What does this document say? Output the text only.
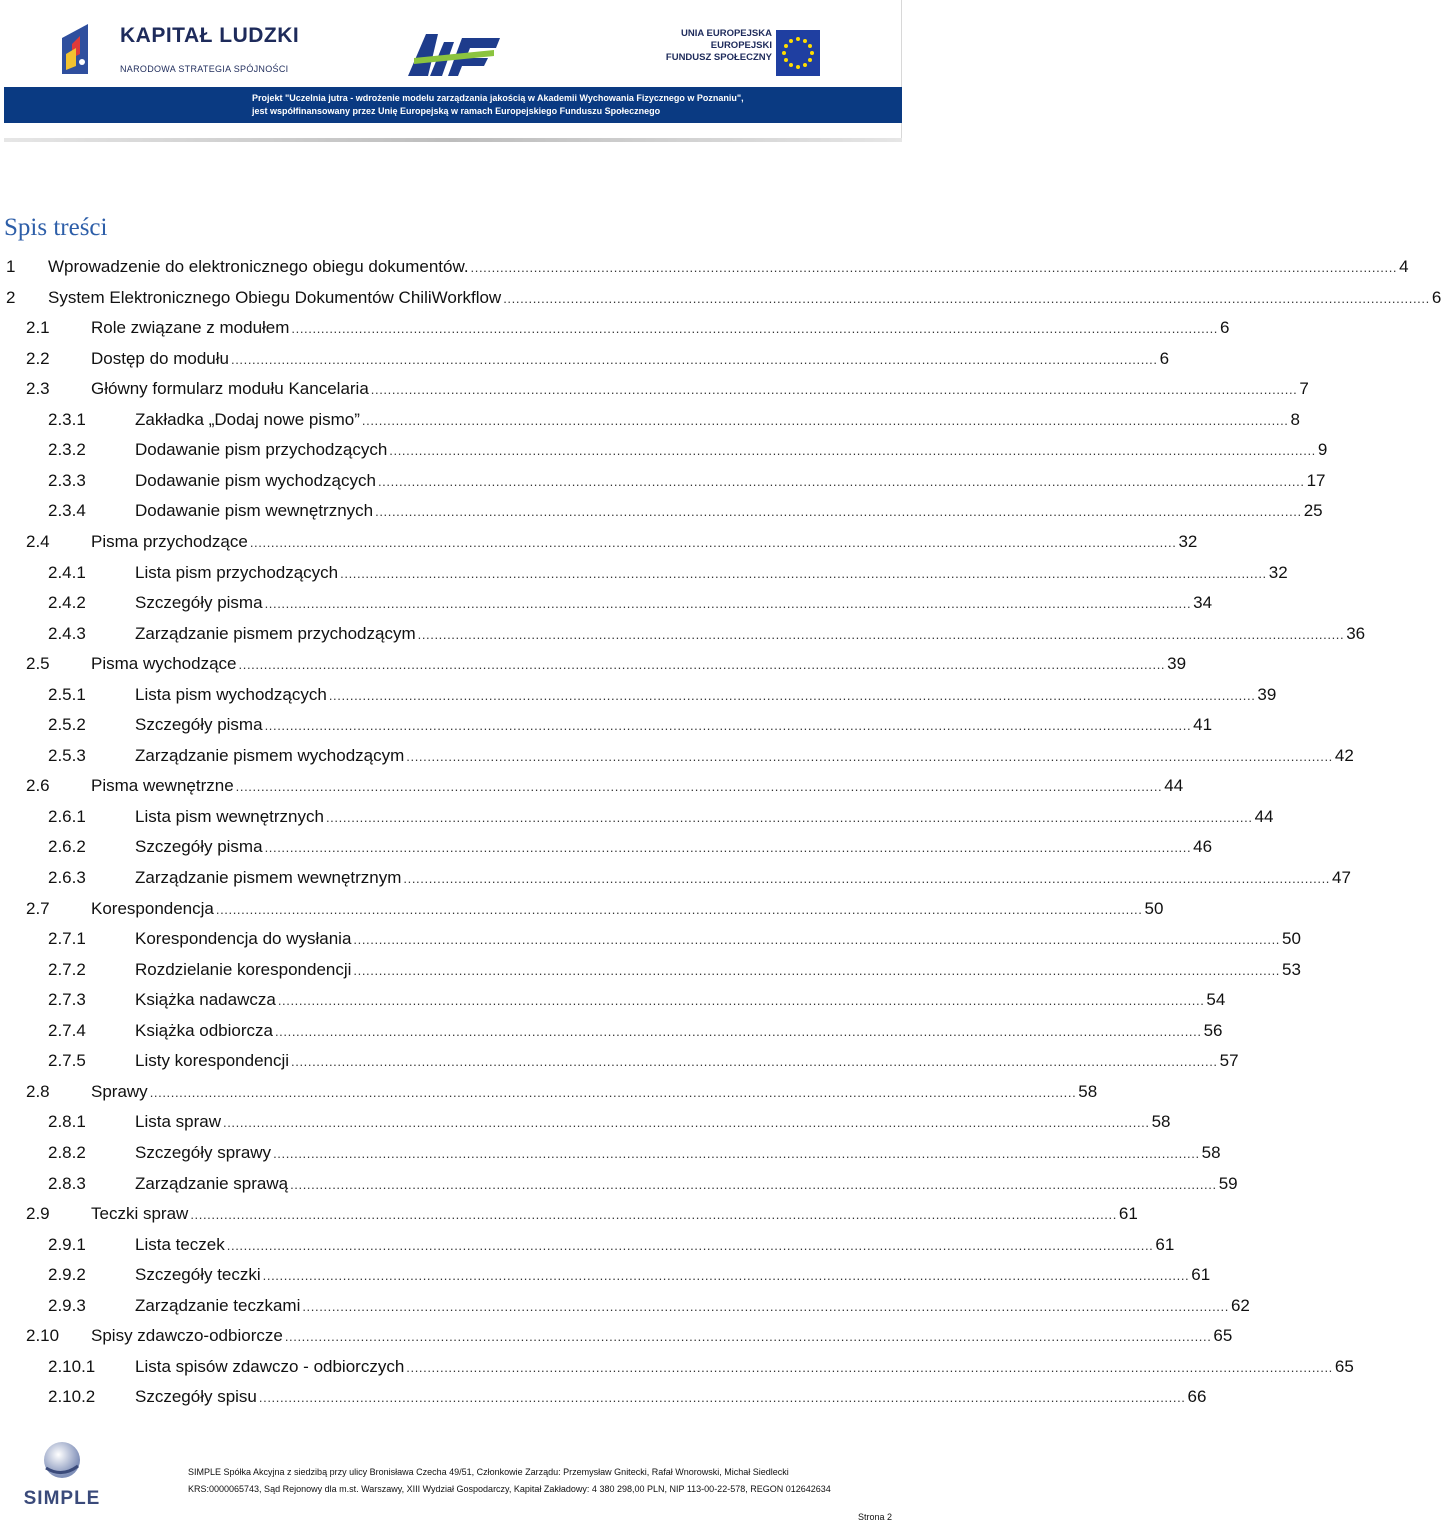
KAPITAŁ LUDZKI
NARODOWA STRATEGIA SPÓJNOŚCI
UNIA EUROPEJSKA
EUROPEJSKI
FUNDUSZ SPOŁECZNY
Projekt "Uczelnia jutra - wdrożenie modelu zarządzania jakością w Akademii Wychowania Fizycznego w Poznaniu",
jest współfinansowany przez Unię Europejską w ramach Europejskiego Funduszu Społecznego
Spis treści
1	Wprowadzenie do elektronicznego obiegu dokumentów. ............................................................................................................................................................................................................................ 4
2	System Elektronicznego Obiegu Dokumentów ChiliWorkflow ............................................................................................................................................................................................................................ 6
2.1	Role związane z modułem ............................................................................................................................................................................................................................ 6
2.2	Dostęp do modułu ............................................................................................................................................................................................................................ 6
2.3	Główny formularz modułu Kancelaria ............................................................................................................................................................................................................................ 7
2.3.1	Zakładka „Dodaj nowe pismo” ............................................................................................................................................................................................................................ 8
2.3.2	Dodawanie pism przychodzących ............................................................................................................................................................................................................................ 9
2.3.3	Dodawanie pism wychodzących ............................................................................................................................................................................................................................ 17
2.3.4	Dodawanie pism wewnętrznych ............................................................................................................................................................................................................................ 25
2.4	Pisma przychodzące ............................................................................................................................................................................................................................ 32
2.4.1	Lista pism przychodzących ............................................................................................................................................................................................................................ 32
2.4.2	Szczegóły pisma ............................................................................................................................................................................................................................ 34
2.4.3	Zarządzanie pismem przychodzącym ............................................................................................................................................................................................................................ 36
2.5	Pisma wychodzące ............................................................................................................................................................................................................................ 39
2.5.1	Lista pism wychodzących ............................................................................................................................................................................................................................ 39
2.5.2	Szczegóły pisma ............................................................................................................................................................................................................................ 41
2.5.3	Zarządzanie pismem wychodzącym ............................................................................................................................................................................................................................ 42
2.6	Pisma wewnętrzne ............................................................................................................................................................................................................................ 44
2.6.1	Lista pism wewnętrznych ............................................................................................................................................................................................................................ 44
2.6.2	Szczegóły pisma ............................................................................................................................................................................................................................ 46
2.6.3	Zarządzanie pismem wewnętrznym ............................................................................................................................................................................................................................ 47
2.7	Korespondencja ............................................................................................................................................................................................................................ 50
2.7.1	Korespondencja do wysłania ............................................................................................................................................................................................................................ 50
2.7.2	Rozdzielanie korespondencji ............................................................................................................................................................................................................................ 53
2.7.3	Książka nadawcza ............................................................................................................................................................................................................................ 54
2.7.4	Książka odbiorcza ............................................................................................................................................................................................................................ 56
2.7.5	Listy korespondencji ............................................................................................................................................................................................................................ 57
2.8	Sprawy ............................................................................................................................................................................................................................ 58
2.8.1	Lista spraw ............................................................................................................................................................................................................................ 58
2.8.2	Szczegóły sprawy ............................................................................................................................................................................................................................ 58
2.8.3	Zarządzanie sprawą ............................................................................................................................................................................................................................ 59
2.9	Teczki spraw ............................................................................................................................................................................................................................ 61
2.9.1	Lista teczek ............................................................................................................................................................................................................................ 61
2.9.2	Szczegóły teczki ............................................................................................................................................................................................................................ 61
2.9.3	Zarządzanie teczkami ............................................................................................................................................................................................................................ 62
2.10	Spisy zdawczo-odbiorcze ............................................................................................................................................................................................................................ 65
2.10.1	Lista spisów zdawczo - odbiorczych ............................................................................................................................................................................................................................ 65
2.10.2	Szczegóły spisu ............................................................................................................................................................................................................................ 66
SIMPLE
SIMPLE Spółka Akcyjna z siedzibą przy ulicy Bronisława Czecha 49/51, Członkowie Zarządu: Przemysław Gnitecki, Rafał Wnorowski, Michał Siedlecki
KRS:0000065743, Sąd Rejonowy dla m.st. Warszawy, XIII Wydział Gospodarczy, Kapitał Zakładowy: 4 380 298,00 PLN, NIP 113-00-22-578, REGON 012642634
Strona 2
